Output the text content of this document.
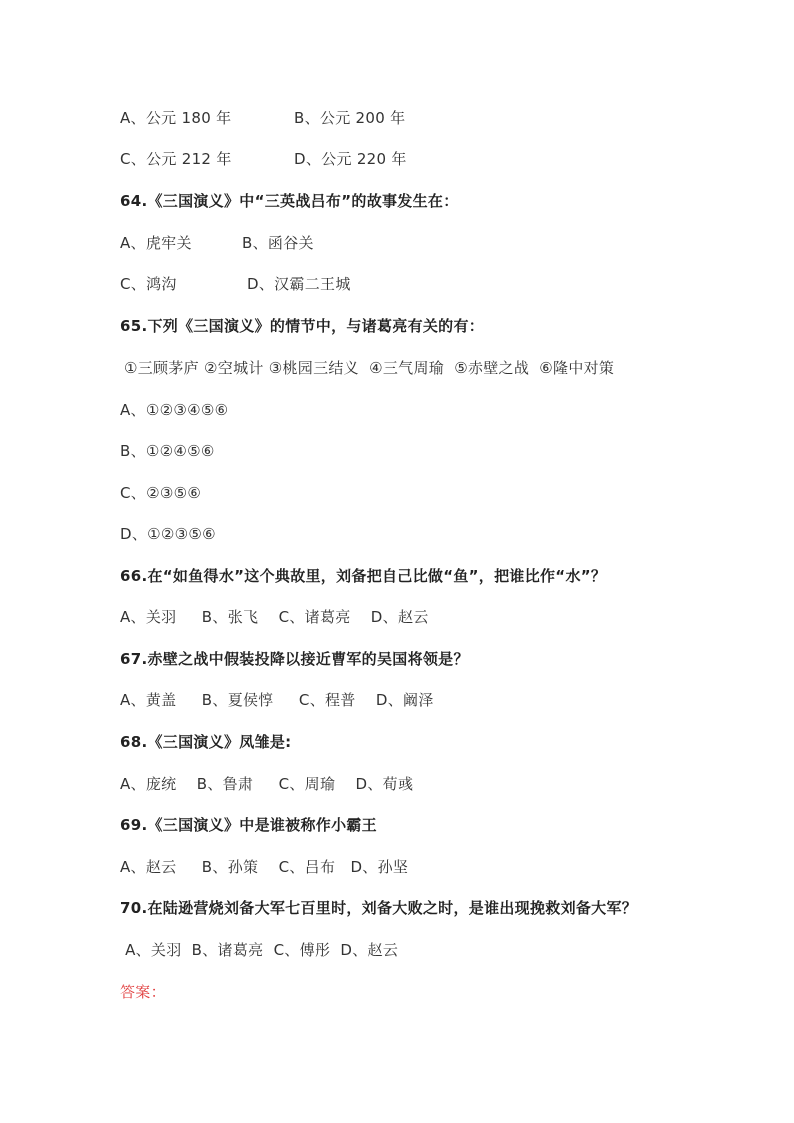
A、公元 180 年	B、公元 200 年
C、公元 212 年	D、公元 220 年
64.《三国演义》中“三英战吕布”的故事发生在：
A、虎牢关	B、函谷关
C、鸿沟	D、汉霸二王城
65.下列《三国演义》的情节中，与诸葛亮有关的有：
①三顾茅庐 ②空城计 ③桃园三结义  ④三气周瑜  ⑤赤壁之战  ⑥隆中对策
A、①②③④⑤⑥
B、①②④⑤⑥
C、②③⑤⑥
D、①②③⑤⑥
66.在“如鱼得水”这个典故里，刘备把自己比做“鱼”，把谁比作“水”？
A、关羽     B、张飞    C、诸葛亮    D、赵云
67.赤壁之战中假装投降以接近曹军的吴国将领是？
A、黄盖     B、夏侯惇     C、程普    D、阚泽
68.《三国演义》凤雏是:
A、庞统    B、鲁肃     C、周瑜    D、荀彧
69.《三国演义》中是谁被称作小霸王
A、赵云     B、孙策    C、吕布   D、孙坚
70.在陆逊营烧刘备大军七百里时，刘备大败之时，是谁出现挽救刘备大军？
A、关羽  B、诸葛亮  C、傅彤  D、赵云
答案：
